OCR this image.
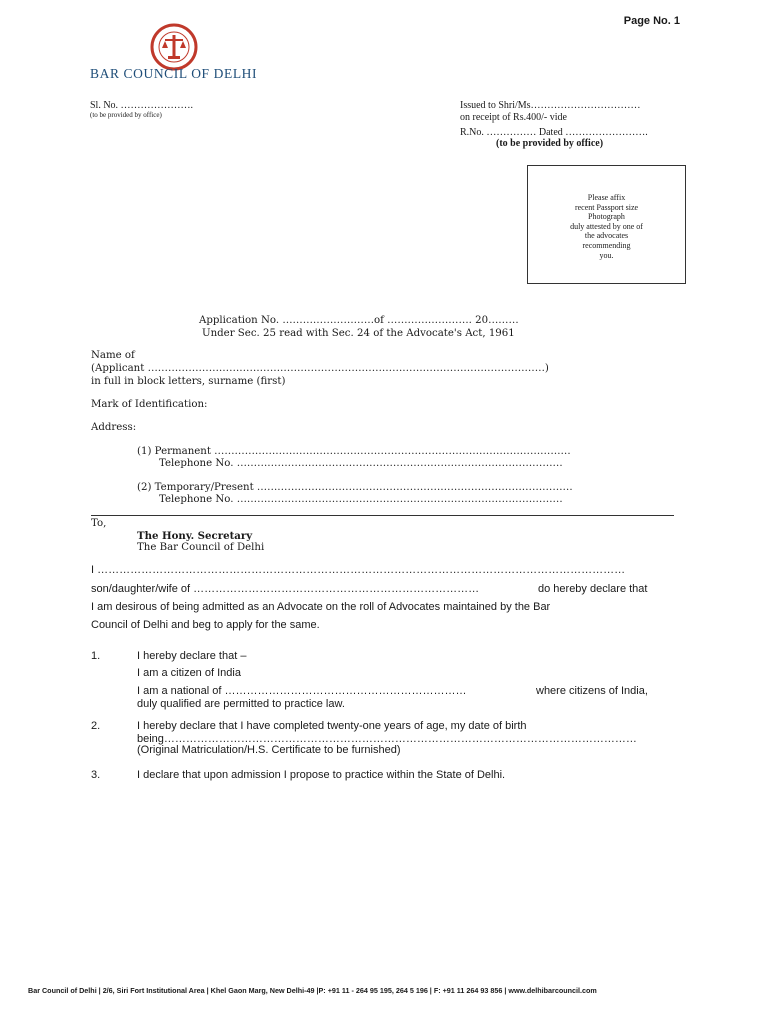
Page No. 1
BAR COUNCIL OF DELHI
Sl. No. ………………….
(to be provided by office)
Issued to Shri/Ms……………………………
on receipt of Rs.400/- vide
R.No. …………… Dated …………………….
(to be provided by office)
Please affix
recent Passport size
Photograph
duly attested by one of
the advocates
recommending
you.
Application No. ………………………of ……………………. 20………
Under Sec. 25 read with Sec. 24 of the Advocate's Act, 1961
Name of
(Applicant ………………………………………………………………………………………………………)
in full in block letters, surname (first)
Mark of Identification:
Address:
(1) Permanent ……………………………………………………………………………………………
Telephone No. ……………………………………………………………………………………
(2) Temporary/Present …………………………………………………………………………………
Telephone No. ……………………………………………………………………………………
To,
The Hony. Secretary
The Bar Council of Delhi
I ………………………………………………………………………………………………………………………………
son/daughter/wife of ……………………………………………………………………	do hereby declare that
I am desirous of being admitted as an Advocate on the roll of Advocates maintained by the Bar
Council of Delhi and beg to apply for the same.
1.	I hereby declare that –
I am a citizen of India
I am a national of …………………………………………………………	where citizens of India,
duly qualified are permitted to practice law.
2.	I hereby declare that I have completed twenty-one years of age, my date of birth
being…………………………………………………………………………………………………………………
(Original Matriculation/H.S. Certificate to be furnished)
3.	I declare that upon admission I propose to practice within the State of Delhi.
Bar Council of Delhi | 2/6, Siri Fort Institutional Area | Khel Gaon Marg, New Delhi-49 |P: +91 11 - 264 95 195, 264 5 196 | F: +91 11 264 93 856 | www.delhibarcouncil.com
